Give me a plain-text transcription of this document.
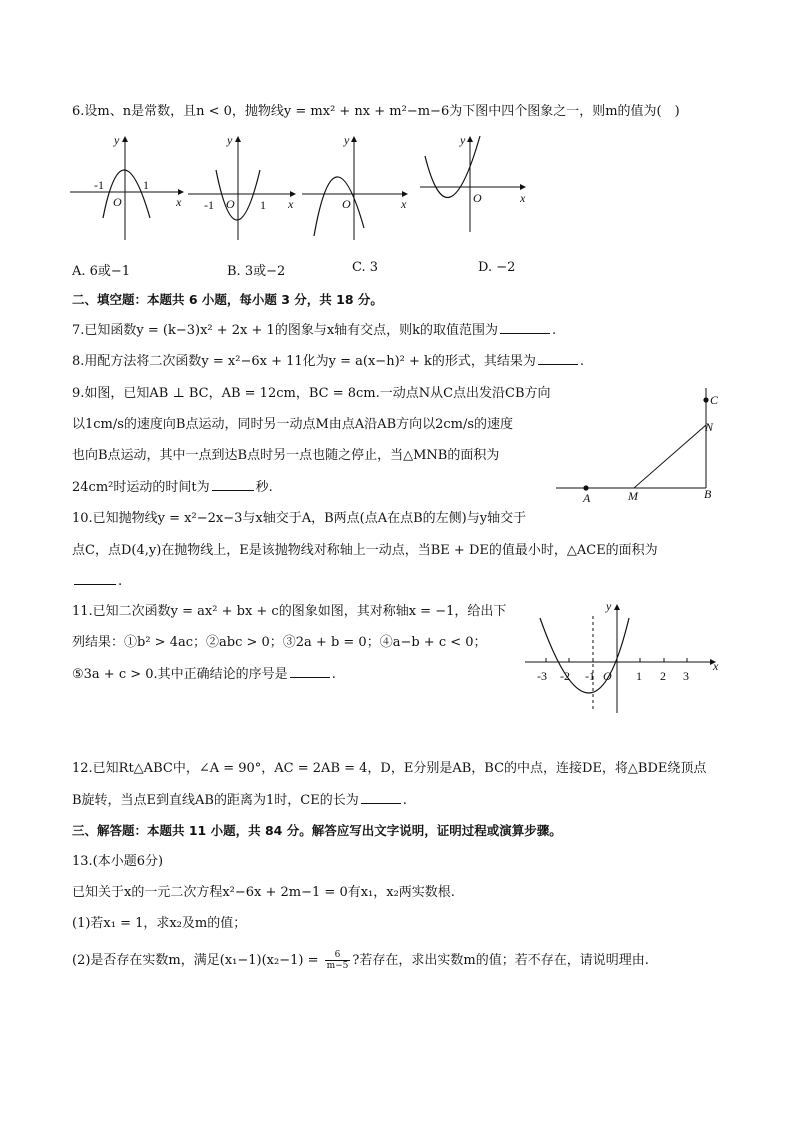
6.设m、n是常数，且n < 0，抛物线y = mx² + nx + m²−m−6为下图中四个图象之一，则m的值为(　)
y
x
O
-1	1
y
x
O
-1	1
y
x
O
y
x
O
A. 6或−1	B. 3或−2	C. 3	D. −2
二、填空题：本题共 6 小题，每小题 3 分，共 18 分。
7.已知函数y = (k−3)x² + 2x + 1的图象与x轴有交点，则k的取值范围为	.
8.用配方法将二次函数y = x²−6x + 11化为y = a(x−h)² + k的形式，其结果为	.
9.如图，已知AB ⊥ BC，AB = 12cm，BC = 8cm.一动点N从C点出发沿CB方向
以1cm/s的速度向B点运动，同时另一动点M由点A沿AB方向以2cm/s的速度
也向B点运动，其中一点到达B点时另一点也随之停止，当△MNB的面积为
24cm²时运动的时间t为	秒.
A	M	B
N
C
10.已知抛物线y = x²−2x−3与x轴交于A，B两点(点A在点B的左侧)与y轴交于
点C，点D(4,y)在抛物线上，E是该抛物线对称轴上一动点，当BE + DE的值最小时，△ACE的面积为
.
11.已知二次函数y = ax² + bx + c的图象如图，其对称轴x = −1，给出下
列结果：①b² > 4ac；②abc > 0；③2a + b = 0；④a−b + c < 0；
⑤3a + c > 0.其中正确结论的序号是	.	-3 -2 -1 O 1 2 3
x
y
12.已知Rt△ABC中，∠A = 90°，AC = 2AB = 4，D，E分别是AB，BC的中点，连接DE，将△BDE绕顶点
B旋转，当点E到直线AB的距离为1时，CE的长为	.
三、解答题：本题共 11 小题，共 84 分。解答应写出文字说明，证明过程或演算步骤。
13.(本小题6分)
已知关于x的一元二次方程x²−6x + 2m−1 = 0有x₁，x₂两实数根.
(1)若x₁ = 1，求x₂及m的值；
(2)是否存在实数m，满足$(x_1-1)(x_2-1) = \frac{6}{m-5}$ ?若存在，求出实数m的值；若不存在，请说明理由.
